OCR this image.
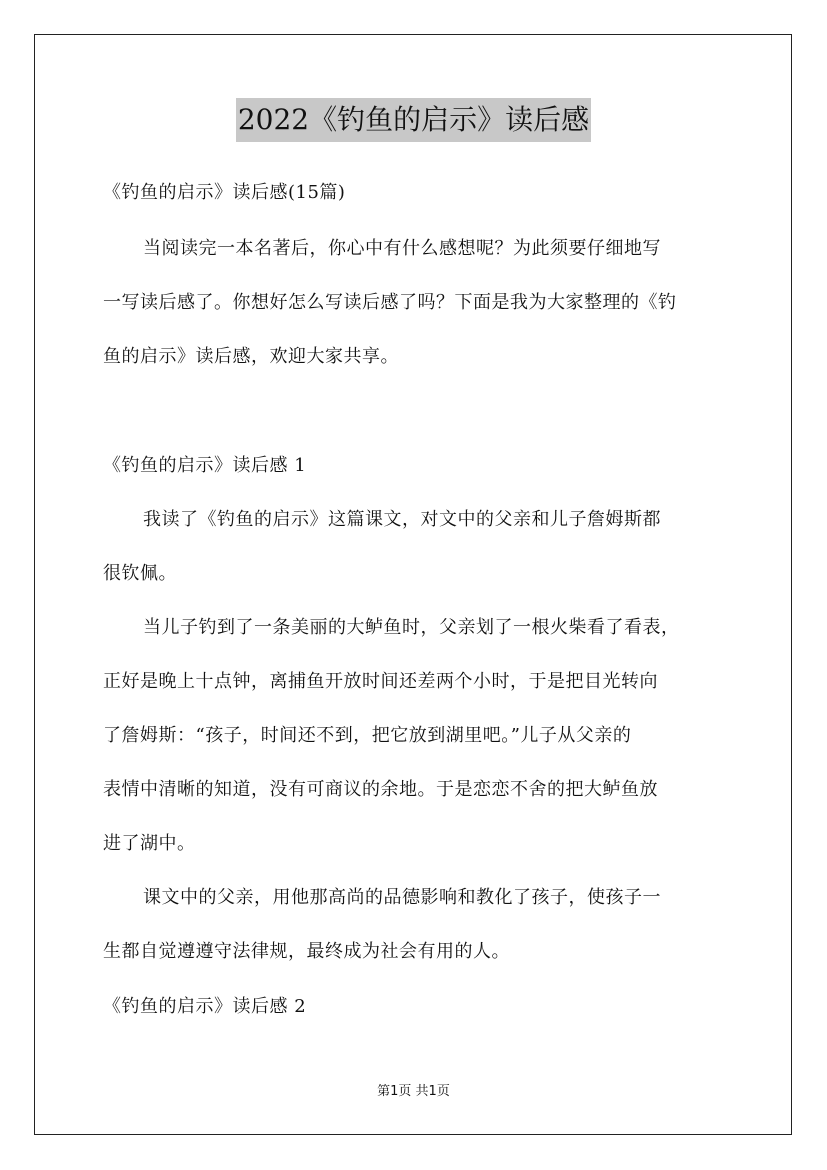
2022《钓鱼的启示》读后感
《钓鱼的启示》读后感(15篇)
当阅读完一本名著后，你心中有什么感想呢？为此须要仔细地写
一写读后感了。你想好怎么写读后感了吗？下面是我为大家整理的《钓
鱼的启示》读后感，欢迎大家共享。
《钓鱼的启示》读后感 1
我读了《钓鱼的启示》这篇课文，对文中的父亲和儿子詹姆斯都
很钦佩。
当儿子钓到了一条美丽的大鲈鱼时，父亲划了一根火柴看了看表，
正好是晚上十点钟，离捕鱼开放时间还差两个小时，于是把目光转向
了詹姆斯：“孩子，时间还不到，把它放到湖里吧。”儿子从父亲的
表情中清晰的知道，没有可商议的余地。于是恋恋不舍的把大鲈鱼放
进了湖中。
课文中的父亲，用他那高尚的品德影响和教化了孩子，使孩子一
生都自觉遵遵守法律规，最终成为社会有用的人。
《钓鱼的启示》读后感 2
第1页 共1页
